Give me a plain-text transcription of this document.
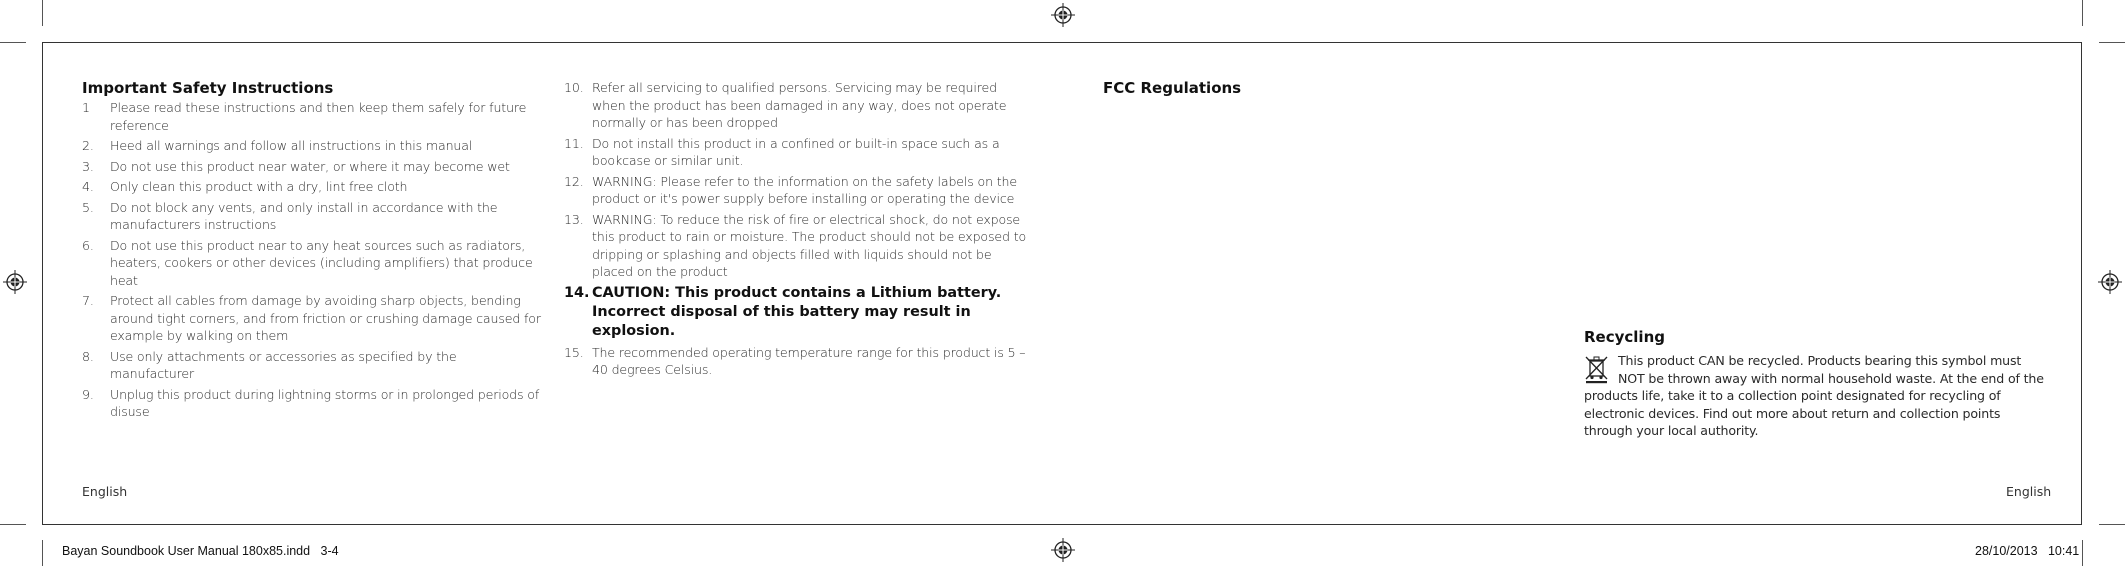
Important Safety Instructions
1 Please read these instructions and then keep them safely for future reference
2. Heed all warnings and follow all instructions in this manual
3. Do not use this product near water, or where it may become wet
4. Only clean this product with a dry, lint free cloth
5. Do not block any vents, and only install in accordance with the manufacturers instructions
6. Do not use this product near to any heat sources such as radiators, heaters, cookers or other devices (including amplifiers) that produce heat
7. Protect all cables from damage by avoiding sharp objects, bending around tight corners, and from friction or crushing damage caused for example by walking on them
8. Use only attachments or accessories as specified by the manufacturer
9. Unplug this product during lightning storms or in prolonged periods of disuse
10. Refer all servicing to qualified persons. Servicing may be required when the product has been damaged in any way, does not operate normally or has been dropped
11. Do not install this product in a confined or built-in space such as a bookcase or similar unit.
12. WARNING: Please refer to the information on the safety labels on the product or it's power supply before installing or operating the device
13. WARNING: To reduce the risk of fire or electrical shock, do not expose this product to rain or moisture. The product should not be exposed to dripping or splashing and objects filled with liquids should not be placed on the product
14. CAUTION: This product contains a Lithium battery. Incorrect disposal of this battery may result in explosion.
15. The recommended operating temperature range for this product is 5 – 40 degrees Celsius.
FCC Regulations
Recycling
This product CAN be recycled. Products bearing this symbol must NOT be thrown away with normal household waste. At the end of the products life, take it to a collection point designated for recycling of electronic devices. Find out more about return and collection points through your local authority.
English	English
Bayan Soundbook User Manual 180x85.indd   3-4	28/10/2013   10:41
